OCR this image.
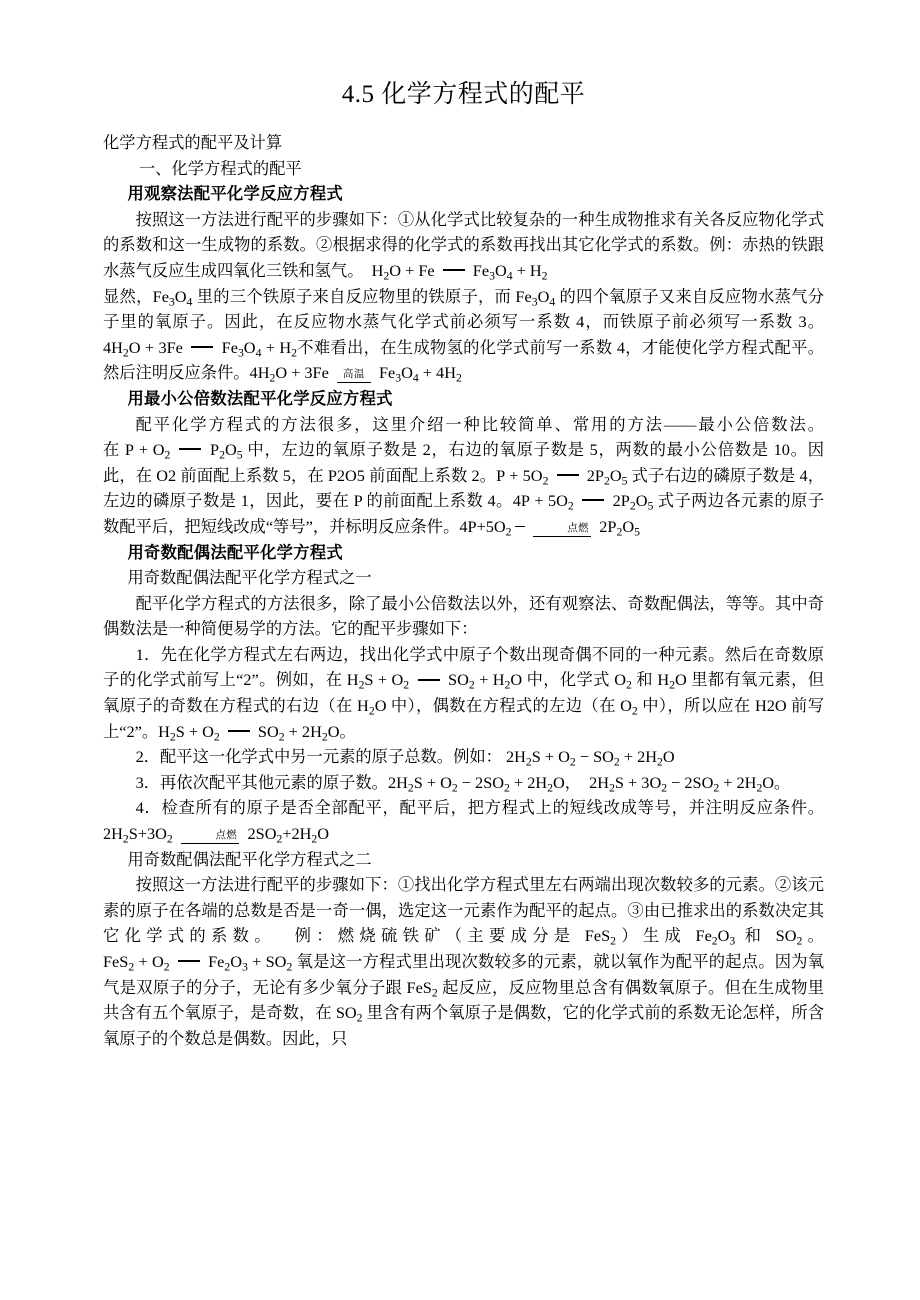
4.5 化学方程式的配平

化学方程式的配平及计算

一、化学方程式的配平

用观察法配平化学反应方程式

按照这一方法进行配平的步骤如下：①从化学式比较复杂的一种生成物推求有关各反应物化学式的系数和这一生成物的系数。②根据求得的化学式的系数再找出其它化学式的系数。例：赤热的铁跟水蒸气反应生成四氧化三铁和氢气。 $H_2O + Fe$  $Fe_3O_4 + H_2$

显然，$Fe_3O_4$ 里的三个铁原子来自反应物里的铁原子，而 $Fe_3O_4$ 的四个氧原子又来自反应物水蒸气分子里的氧原子。因此，在反应物水蒸气化学式前必须写一系数 4，而铁原子前必须写一系数 3。$4H_2O + 3Fe$  $Fe_3O_4 + H_2$不难看出，在生成物氢的化学式前写一系数 4，才能使化学方程式配平。然后注明反应条件。$4H_2O + 3Fe$ 高温 $Fe_3O_4 + 4H_2$

用最小公倍数法配平化学反应方程式

配平化学方程式的方法很多，这里介绍一种比较简单、常用的方法——最小公倍数法。在 $P + O_2$  $P_2O_5$ 中，左边的氧原子数是 2，右边的氧原子数是 5，两数的最小公倍数是 10。因此，在 O2 前面配上系数 5，在 P2O5 前面配上系数 2。$P + 5O_2$  $2P_2O_5$ 式子右边的磷原子数是 4，左边的磷原子数是 1，因此，要在 P 的前面配上系数 4。$4P + 5O_2$  $2P_2O_5$ 式子两边各元素的原子数配平后，把短线改成“等号”，并标明反应条件。$4P+5O_2$	点燃 $2P_2O_5$

用奇数配偶法配平化学方程式

用奇数配偶法配平化学方程式之一

配平化学方程式的方法很多，除了最小公倍数法以外，还有观察法、奇数配偶法，等等。其中奇偶数法是一种简便易学的方法。它的配平步骤如下：

1．先在化学方程式左右两边，找出化学式中原子个数出现奇偶不同的一种元素。然后在奇数原子的化学式前写上“2”。例如，在 $H_2S + O_2$  $SO_2 + H_2O$ 中，化学式 $O_2$ 和 $H_2O$ 里都有氧元素，但氧原子的奇数在方程式的右边（在 $H_2O$ 中），偶数在方程式的左边（在 $O_2$ 中），所以应在 H2O 前写上“2”。$H_2S + O_2$  $SO_2 + 2H_2O$。

2．配平这一化学式中另一元素的原子总数。例如： $2H_2S + O_2 - SO_2 + 2H_2O$

3．再依次配平其他元素的原子数。$2H_2S + O_2 - 2SO_2 + 2H_2O$，  $2H_2S + 3O_2 - 2SO_2 + 2H_2O$。

4．检查所有的原子是否全部配平，配平后，把方程式上的短线改成等号，并注明反应条件。$2H_2S+3O_2$	点燃 $2SO_2+2H_2O$

用奇数配偶法配平化学方程式之二

按照这一方法进行配平的步骤如下：①找出化学方程式里左右两端出现次数较多的元素。②该元素的原子在各端的总数是否是一奇一偶，选定这一元素作为配平的起点。③由已推求出的系数决定其它化学式的系数。 例：燃烧硫铁矿（主要成分是 FeS$_2$）生成 $Fe_2O_3$ 和 $SO_2$。$FeS_2 + O_2$  $Fe_2O_3 + SO_2$ 氧是这一方程式里出现次数较多的元素，就以氧作为配平的起点。因为氧气是双原子的分子，无论有多少氧分子跟 FeS$_2$ 起反应，反应物里总含有偶数氧原子。但在生成物里共含有五个氧原子，是奇数，在 $SO_2$ 里含有两个氧原子是偶数，它的化学式前的系数无论怎样，所含氧原子的个数总是偶数。因此，只
